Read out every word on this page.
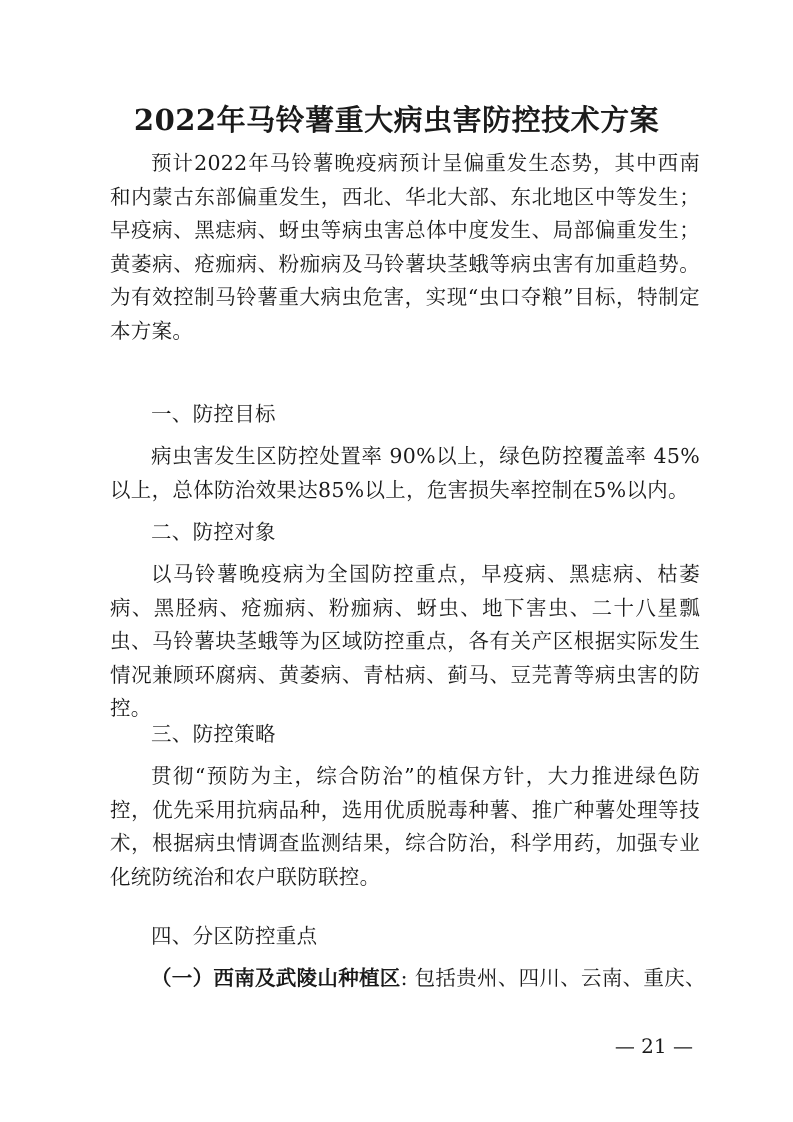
2022年马铃薯重大病虫害防控技术方案

预计2022年马铃薯晚疫病预计呈偏重发生态势，其中西南和内蒙古东部偏重发生，西北、华北大部、东北地区中等发生；早疫病、黑痣病、蚜虫等病虫害总体中度发生、局部偏重发生；黄萎病、疮痂病、粉痂病及马铃薯块茎蛾等病虫害有加重趋势。为有效控制马铃薯重大病虫危害，实现“虫口夺粮”目标，特制定本方案。

一、防控目标

病虫害发生区防控处置率 90%以上，绿色防控覆盖率 45%以上，总体防治效果达85%以上，危害损失率控制在5%以内。

二、防控对象

以马铃薯晚疫病为全国防控重点，早疫病、黑痣病、枯萎病、黑胫病、疮痂病、粉痂病、蚜虫、地下害虫、二十八星瓢虫、马铃薯块茎蛾等为区域防控重点，各有关产区根据实际发生情况兼顾环腐病、黄萎病、青枯病、蓟马、豆芫菁等病虫害的防控。

三、防控策略

贯彻“预防为主，综合防治”的植保方针，大力推进绿色防控，优先采用抗病品种，选用优质脱毒种薯、推广种薯处理等技术，根据病虫情调查监测结果，综合防治，科学用药，加强专业化统防统治和农户联防联控。

四、分区防控重点
（一）西南及武陵山种植区: 包括贵州、四川、云南、重庆、
— 21 —
